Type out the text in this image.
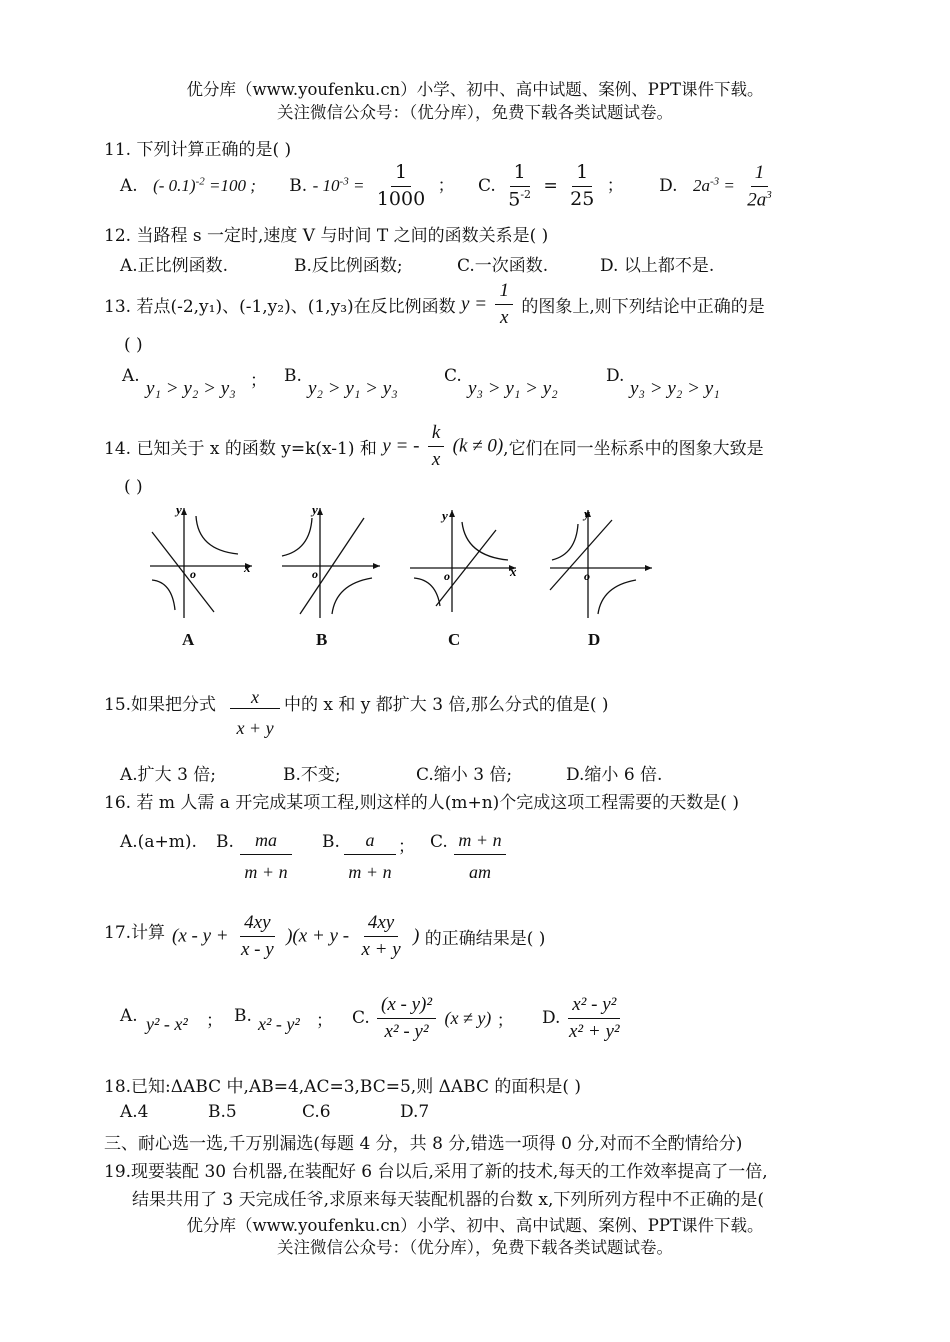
优分库（www.youfenku.cn）小学、初中、高中试题、案例、PPT课件下载。
关注微信公众号：（优分库），免费下载各类试题试卷。
11. 下列计算正确的是( )
A. (- 0.1)$^{-2}$ =100 ; B. - $10^{-3} = \frac{1}{1000}$ ； C. $\frac{1}{5^{-2}} = \frac{1}{25}$ ； D. $2a^{-3} = \frac{1}{2a^3}$
12. 当路程 s 一定时,速度 V 与时间 T 之间的函数关系是( )
A.正比例函数.	B.反比例函数;	C.一次函数.	D. 以上都不是.
13. 若点(-2,y₁)、(-1,y₂)、(1,y₃)在反比例函数 $y = \frac{1}{x}$ 的图象上,则下列结论中正确的是
( )
A.
y₁ > y₂ > y₃ ； B.
y₂ > y₁ > y₃
C.
y₃ > y₁ > y₂
D.
y₃ > y₂ > y₁
14. 已知关于 x 的函数 y=k(x-1) 和 y = - $\frac{k}{x} (k \ne 0)$,它们在同一坐标系中的图象大致是
( )
y
x
o
A
y
o
B
y
x
o
C
y
o
D
15.如果把分式	x
x + y
中的 x 和 y 都扩大 3 倍,那么分式的值是( )
A.扩大 3 倍;	B.不变;	C.缩小 3 倍;	D.缩小 6 倍.
16. 若 m 人需 a 开完成某项工程,则这样的人(m+n)个完成这项工程需要的天数是( )
A.(a+m). B.	ma
m + n
B.	a
m + n
； C. m + n
am
17.计算 $(x - y + \frac{4xy}{x - y} )(x + y - \frac{4xy}{x + y}$ ) 的正确结果是( )
A. y² - x² ； B. x² - y² ； C. $\frac{\text{(x - y)²}}{\text{x² - y²}} (x \ne y)$ ； D. $\frac{\text{x² - y²}}{\text{x² + y²}}$
18.已知:ΔABC 中,AB=4,AC=3,BC=5,则 ΔABC 的面积是( )
A.4	B.5	C.6	D.7
三、耐心选一选,千万别漏选(每题 4 分，共 8 分,错选一项得 0 分,对而不全酌情给分)
19.现要装配 30 台机器,在装配好 6 台以后,采用了新的技术,每天的工作效率提高了一倍,
结果共用了 3 天完成任爷,求原来每天装配机器的台数 x,下列所列方程中不正确的是(
优分库（www.youfenku.cn）小学、初中、高中试题、案例、PPT课件下载。
关注微信公众号：（优分库），免费下载各类试题试卷。
